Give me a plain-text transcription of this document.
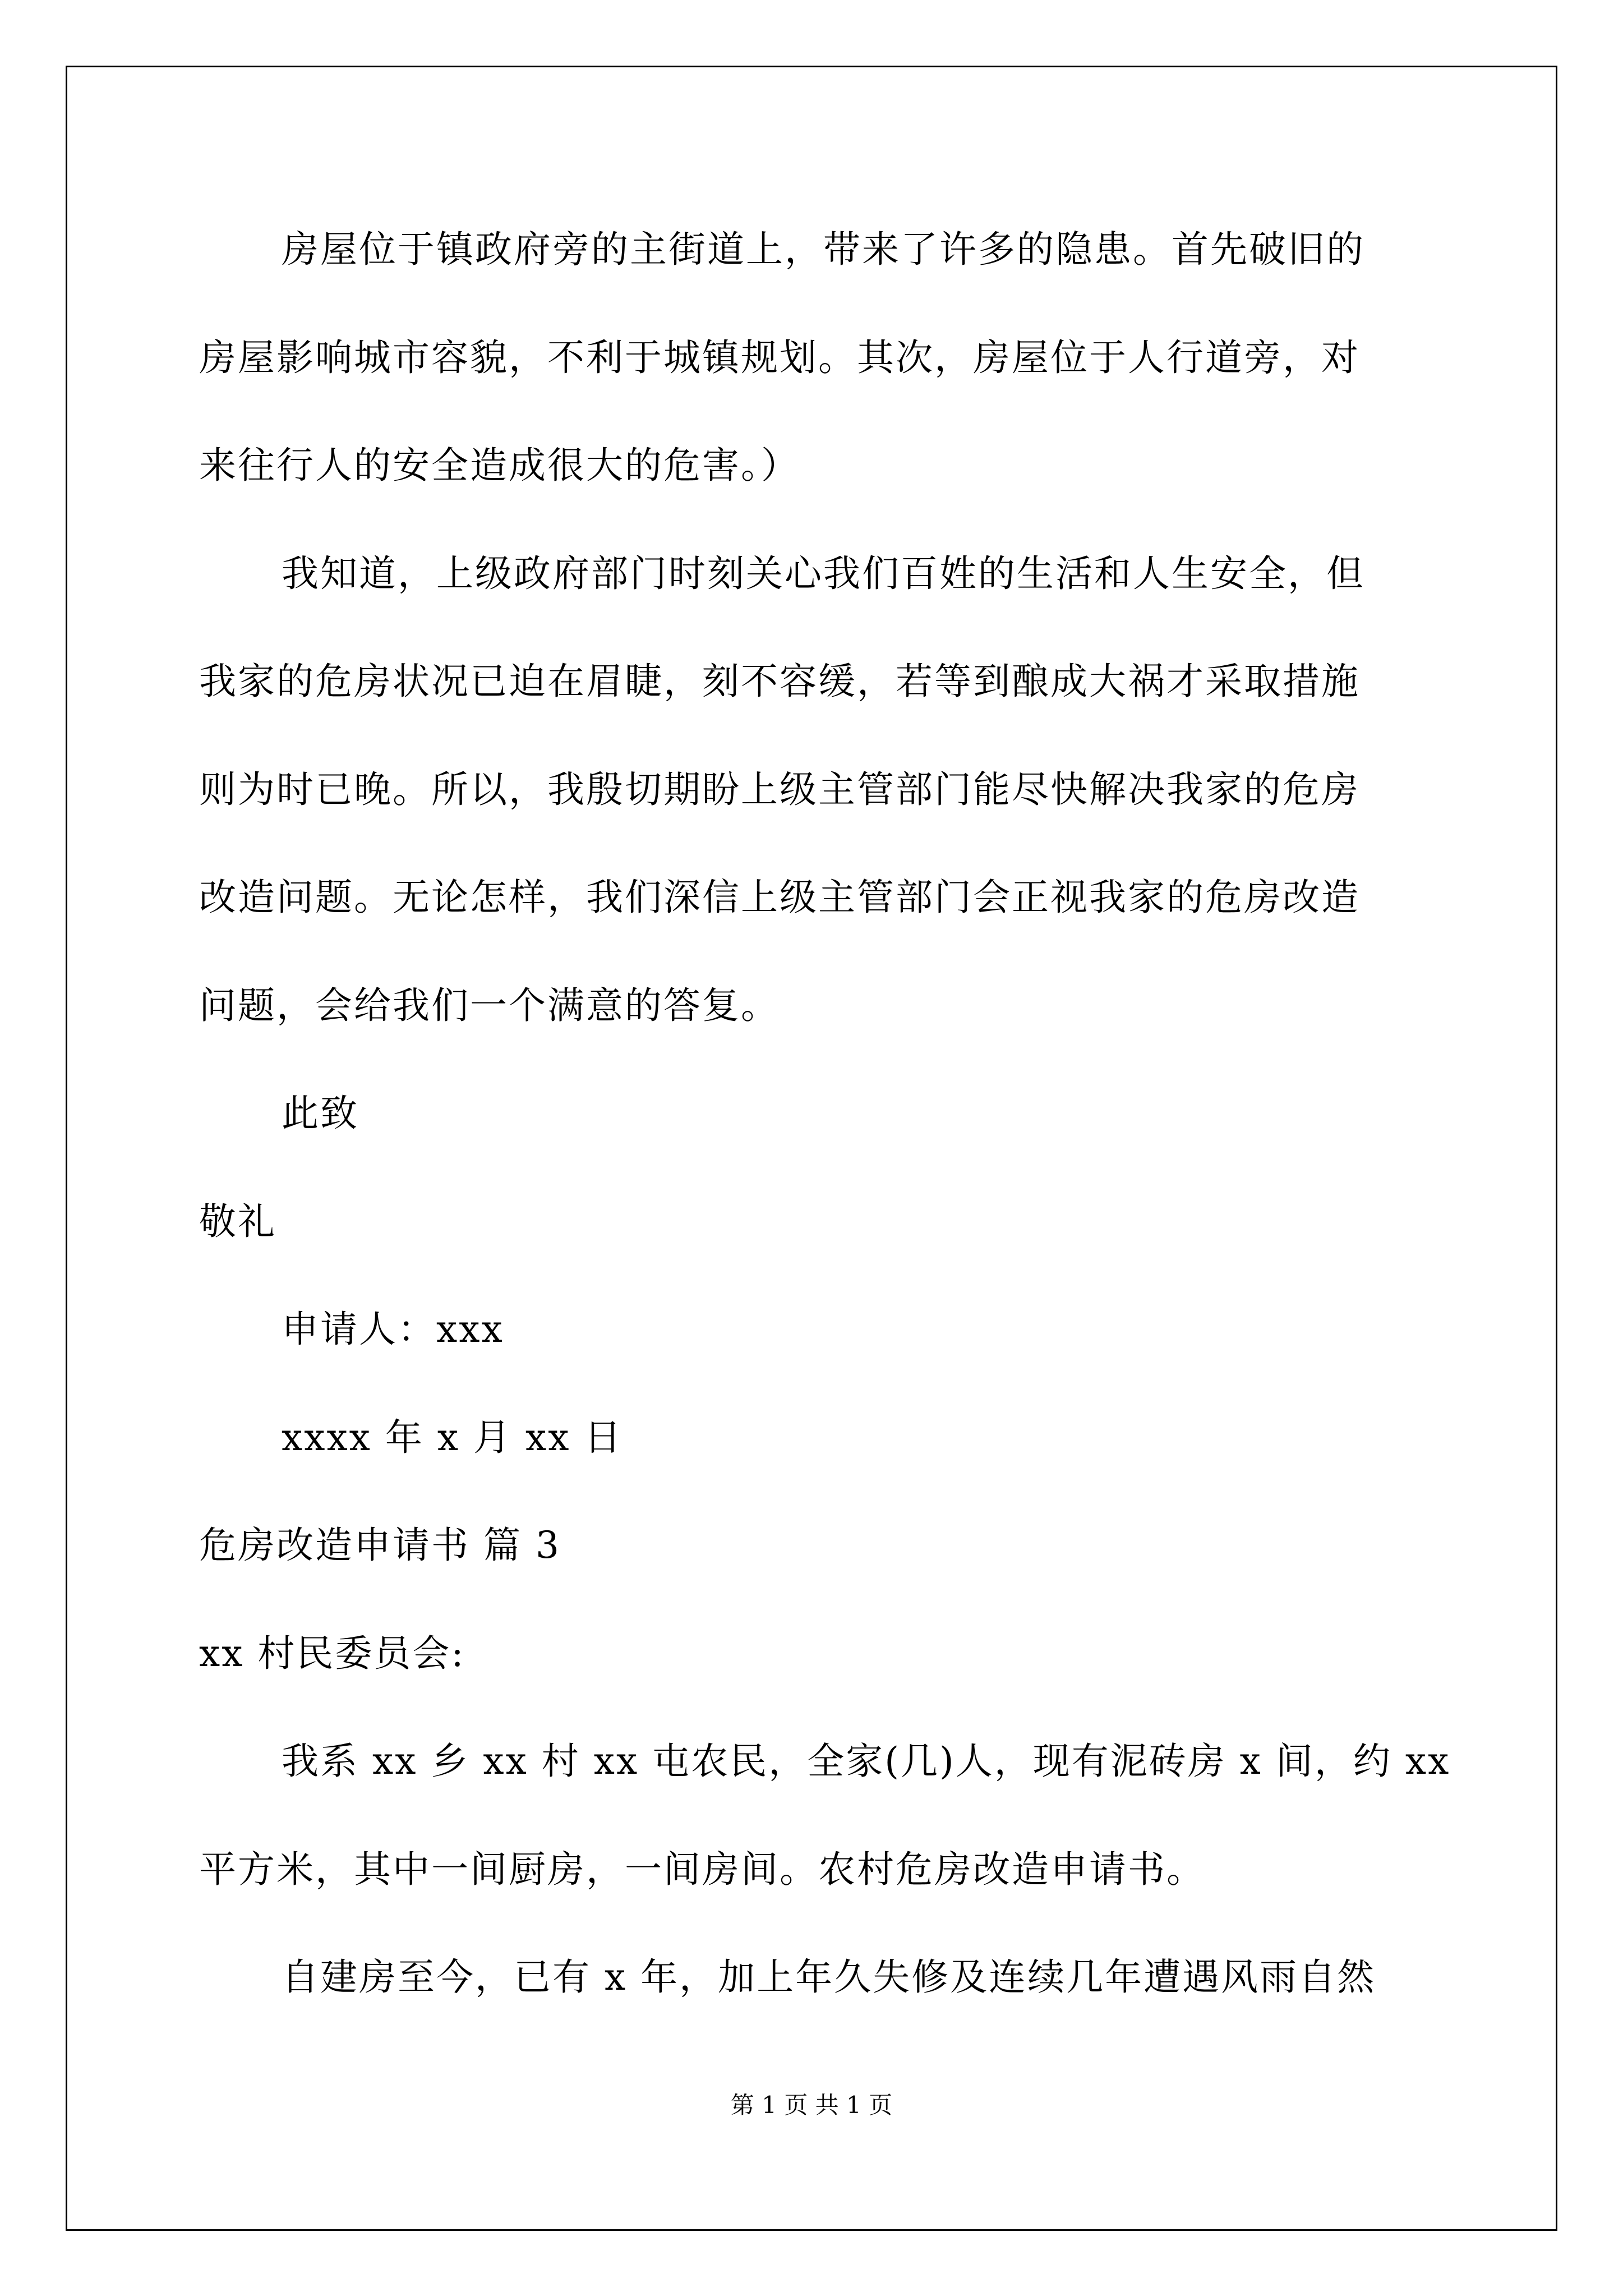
房屋位于镇政府旁的主街道上，带来了许多的隐患。首先破旧的
房屋影响城市容貌，不利于城镇规划。其次，房屋位于人行道旁，对
来往行人的安全造成很大的危害。）
我知道，上级政府部门时刻关心我们百姓的生活和人生安全，但
我家的危房状况已迫在眉睫，刻不容缓，若等到酿成大祸才采取措施
则为时已晚。所以，我殷切期盼上级主管部门能尽快解决我家的危房
改造问题。无论怎样，我们深信上级主管部门会正视我家的危房改造
问题，会给我们一个满意的答复。
此致
敬礼
申请人：xxx
xxxx 年 x 月 xx 日
危房改造申请书 篇 3
xx 村民委员会:
我系 xx 乡 xx 村 xx 屯农民，全家(几)人，现有泥砖房 x 间，约 xx
平方米，其中一间厨房，一间房间。农村危房改造申请书。
自建房至今，已有 x 年，加上年久失修及连续几年遭遇风雨自然
第 1 页 共 1 页
